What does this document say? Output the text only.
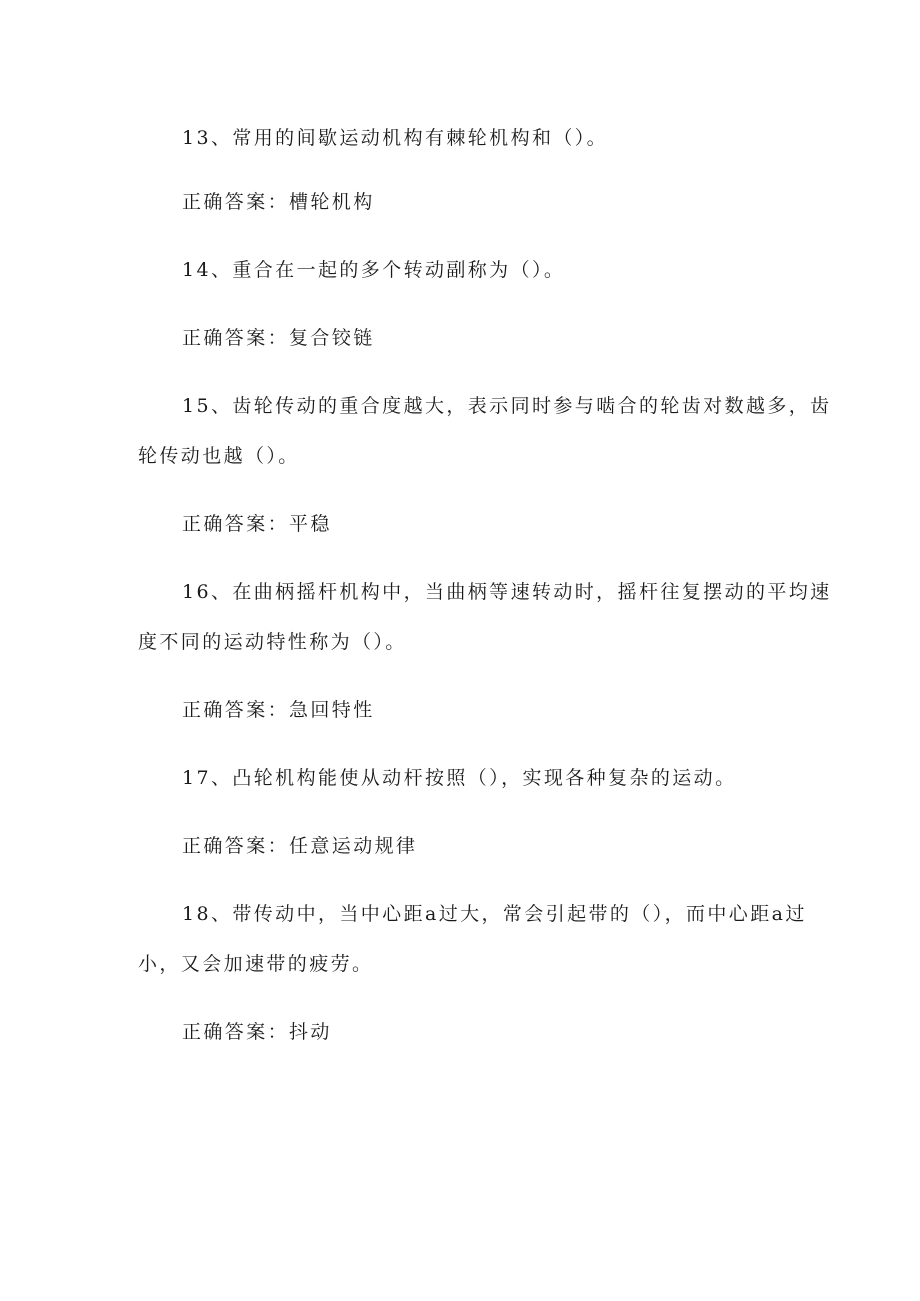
13、常用的间歇运动机构有棘轮机构和（）。
正确答案：槽轮机构
14、重合在一起的多个转动副称为（）。
正确答案：复合铰链
15、齿轮传动的重合度越大，表示同时参与啮合的轮齿对数越多，齿
轮传动也越（）。
正确答案：平稳
16、在曲柄摇杆机构中，当曲柄等速转动时，摇杆往复摆动的平均速
度不同的运动特性称为（）。
正确答案：急回特性
17、凸轮机构能使从动杆按照（），实现各种复杂的运动。
正确答案：任意运动规律
18、带传动中，当中心距a过大，常会引起带的（），而中心距a过
小，又会加速带的疲劳。
正确答案：抖动
